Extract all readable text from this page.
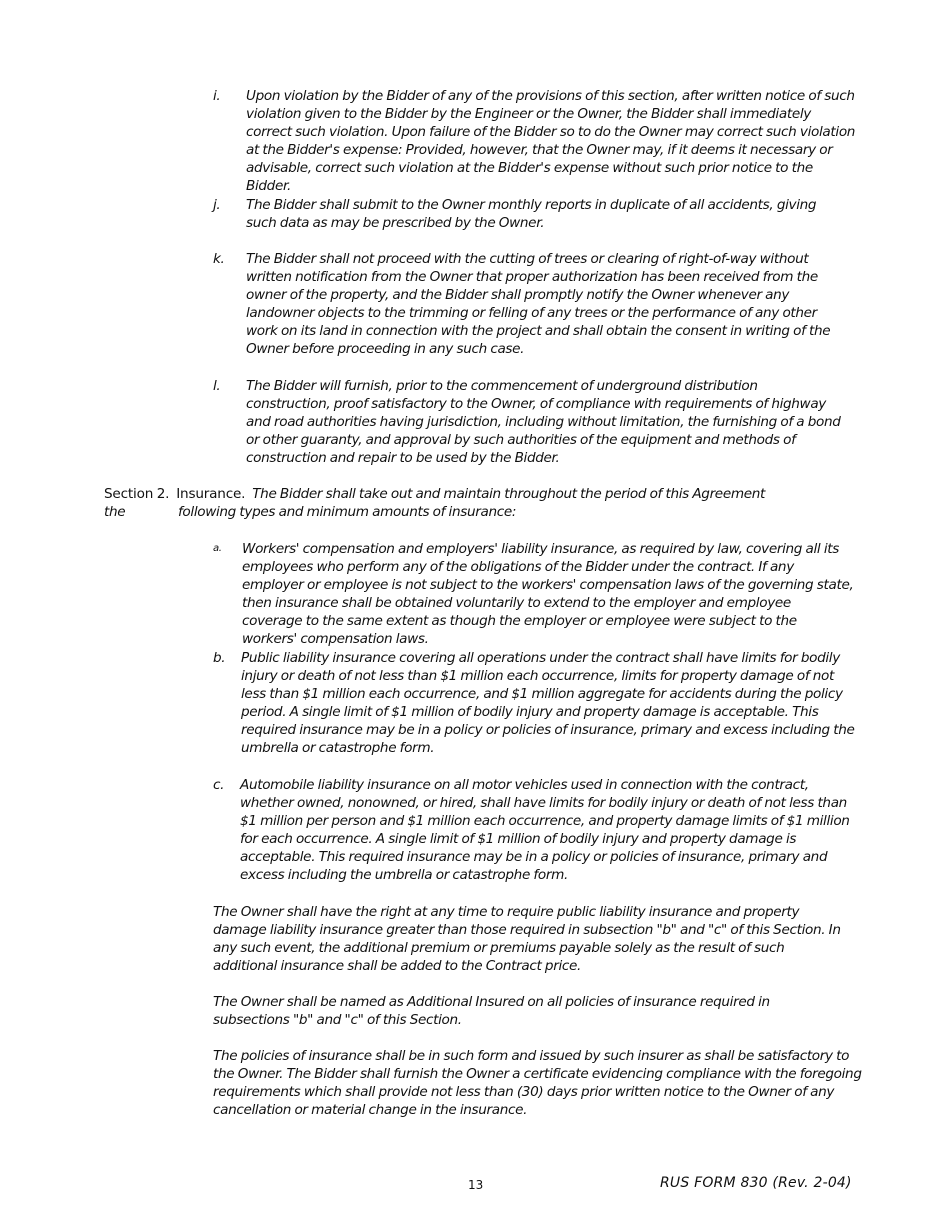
i. Upon violation by the Bidder of any of the provisions of this section, after written notice of such violation given to the Bidder by the Engineer or the Owner, the Bidder shall immediately correct such violation. Upon failure of the Bidder so to do the Owner may correct such violation at the Bidder's expense: Provided, however, that the Owner may, if it deems it necessary or advisable, correct such violation at the Bidder's expense without such prior notice to the Bidder.
j. The Bidder shall submit to the Owner monthly reports in duplicate of all accidents, giving such data as may be prescribed by the Owner.
k. The Bidder shall not proceed with the cutting of trees or clearing of right-of-way without written notification from the Owner that proper authorization has been received from the owner of the property, and the Bidder shall promptly notify the Owner whenever any landowner objects to the trimming or felling of any trees or the performance of any other work on its land in connection with the project and shall obtain the consent in writing of the Owner before proceeding in any such case.
l. The Bidder will furnish, prior to the commencement of underground distribution construction, proof satisfactory to the Owner, of compliance with requirements of highway and road authorities having jurisdiction, including without limitation, the furnishing of a bond or other guaranty, and approval by such authorities of the equipment and methods of construction and repair to be used by the Bidder.
Section 2. Insurance. The Bidder shall take out and maintain throughout the period of this Agreement the	following types and minimum amounts of insurance:
a. Workers' compensation and employers' liability insurance, as required by law, covering all its employees who perform any of the obligations of the Bidder under the contract. If any employer or employee is not subject to the workers' compensation laws of the governing state, then insurance shall be obtained voluntarily to extend to the employer and employee coverage to the same extent as though the employer or employee were subject to the workers' compensation laws.
b. Public liability insurance covering all operations under the contract shall have limits for bodily injury or death of not less than $1 million each occurrence, limits for property damage of not less than $1 million each occurrence, and $1 million aggregate for accidents during the policy period. A single limit of $1 million of bodily injury and property damage is acceptable. This required insurance may be in a policy or policies of insurance, primary and excess including the umbrella or catastrophe form.
c. Automobile liability insurance on all motor vehicles used in connection with the contract, whether owned, nonowned, or hired, shall have limits for bodily injury or death of not less than $1 million per person and $1 million each occurrence, and property damage limits of $1 million for each occurrence. A single limit of $1 million of bodily injury and property damage is acceptable. This required insurance may be in a policy or policies of insurance, primary and excess including the umbrella or catastrophe form.
The Owner shall have the right at any time to require public liability insurance and property damage liability insurance greater than those required in subsection "b" and "c" of this Section. In any such event, the additional premium or premiums payable solely as the result of such additional insurance shall be added to the Contract price.
The Owner shall be named as Additional Insured on all policies of insurance required in subsections "b" and "c" of this Section.
The policies of insurance shall be in such form and issued by such insurer as shall be satisfactory to the Owner. The Bidder shall furnish the Owner a certificate evidencing compliance with the foregoing requirements which shall provide not less than (30) days prior written notice to the Owner of any cancellation or material change in the insurance.
13	RUS FORM 830 (Rev. 2-04)
